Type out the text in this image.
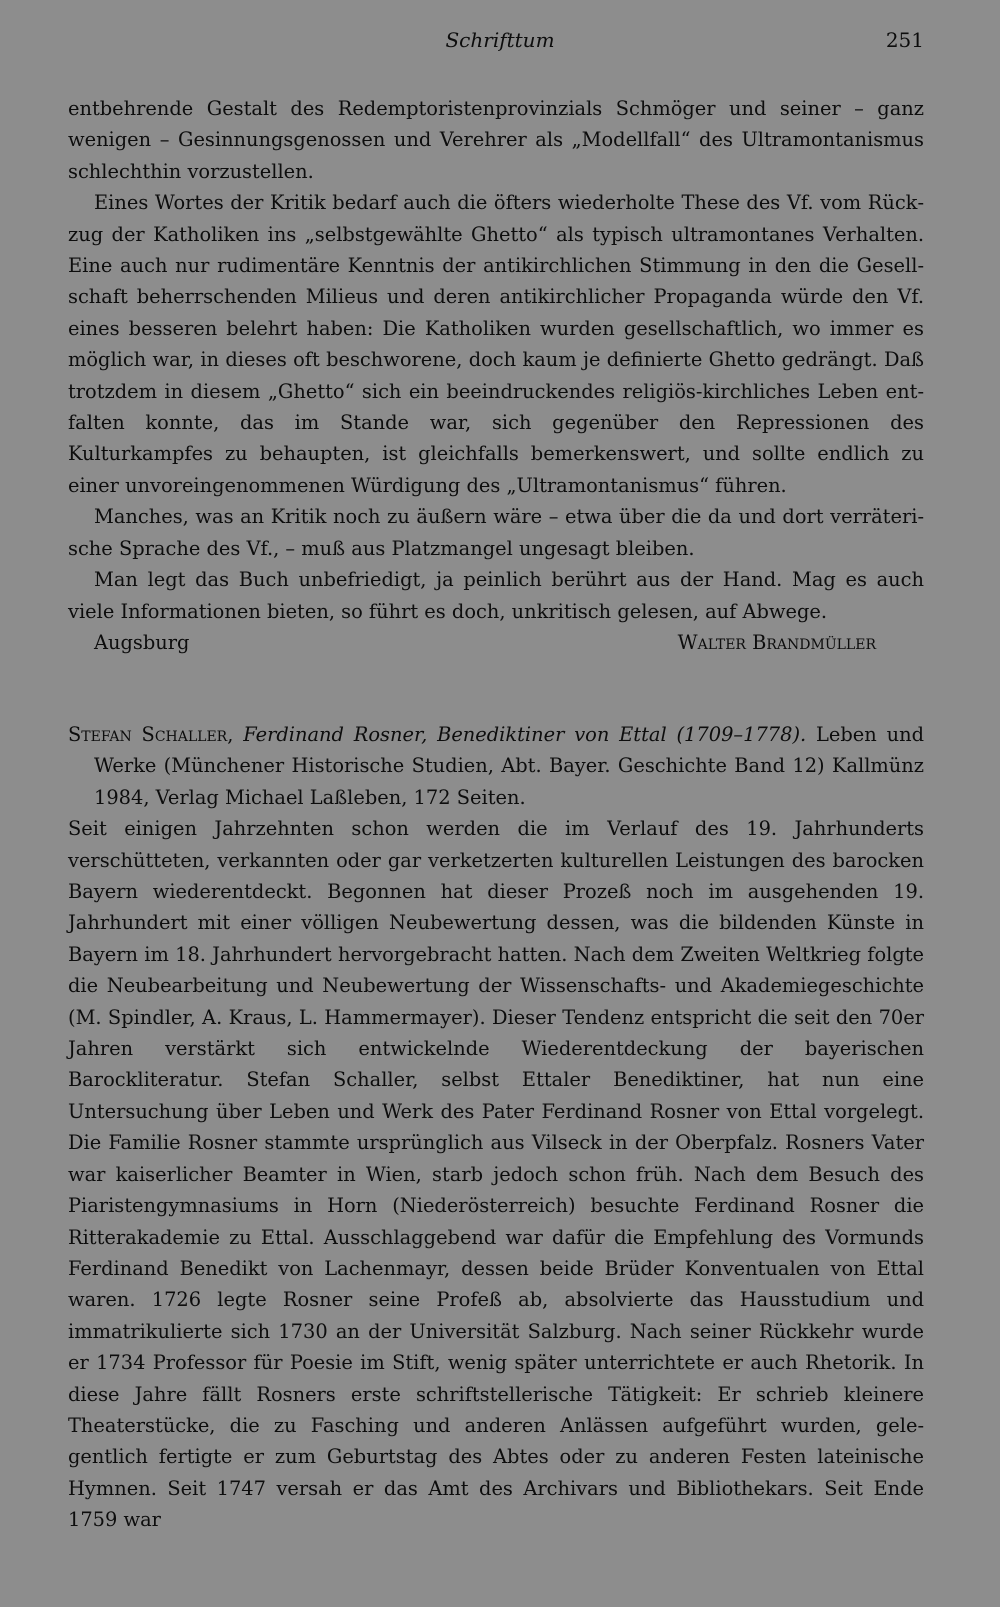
Schrifttum	251

entbehrende Gestalt des Redemptoristenprovinzials Schmöger und seiner – ganz wenigen – Gesinnungsgenossen und Verehrer als „Modellfall“ des Ultramontanismus schlechthin vorzustellen.

Eines Wortes der Kritik bedarf auch die öfters wiederholte These des Vf. vom Rückzug der Katholiken ins „selbstgewählte Ghetto“ als typisch ultramontanes Verhalten. Eine auch nur rudimentäre Kenntnis der antikirchlichen Stimmung in den die Gesellschaft beherrschenden Milieus und deren antikirchlicher Propaganda würde den Vf. eines besseren belehrt haben: Die Katholiken wurden gesellschaftlich, wo immer es möglich war, in dieses oft beschworene, doch kaum je definierte Ghetto gedrängt. Daß trotzdem in diesem „Ghetto“ sich ein beeindruckendes religiös-kirchliches Leben entfalten konnte, das im Stande war, sich gegenüber den Repressionen des Kulturkampfes zu behaupten, ist gleichfalls bemerkenswert, und sollte endlich zu einer unvoreingenommenen Würdigung des „Ultramontanismus“ führen.

Manches, was an Kritik noch zu äußern wäre – etwa über die da und dort verräterische Sprache des Vf., – muß aus Platzmangel ungesagt bleiben.

Man legt das Buch unbefriedigt, ja peinlich berührt aus der Hand. Mag es auch viele Informationen bieten, so führt es doch, unkritisch gelesen, auf Abwege.

Augsburg	Walter Brandmüller

Stefan Schaller, Ferdinand Rosner, Benediktiner von Ettal (1709–1778). Leben und Werke (Münchener Historische Studien, Abt. Bayer. Geschichte Band 12) Kallmünz 1984, Verlag Michael Laßleben, 172 Seiten.

Seit einigen Jahrzehnten schon werden die im Verlauf des 19. Jahrhunderts verschütteten, verkannten oder gar verketzerten kulturellen Leistungen des barocken Bayern wiederentdeckt. Begonnen hat dieser Prozeß noch im ausgehenden 19. Jahrhundert mit einer völligen Neubewertung dessen, was die bildenden Künste in Bayern im 18. Jahrhundert hervorgebracht hatten. Nach dem Zweiten Weltkrieg folgte die Neubearbeitung und Neubewertung der Wissenschafts- und Akademiegeschichte (M. Spindler, A. Kraus, L. Hammermayer). Dieser Tendenz entspricht die seit den 70er Jahren verstärkt sich entwickelnde Wiederentdeckung der bayerischen Barockliteratur. Stefan Schaller, selbst Ettaler Benediktiner, hat nun eine Untersuchung über Leben und Werk des Pater Ferdinand Rosner von Ettal vorgelegt. Die Familie Rosner stammte ursprünglich aus Vilseck in der Oberpfalz. Rosners Vater war kaiserlicher Beamter in Wien, starb jedoch schon früh. Nach dem Besuch des Piaristengymnasiums in Horn (Niederösterreich) besuchte Ferdinand Rosner die Ritterakademie zu Ettal. Ausschlaggebend war dafür die Empfehlung des Vormunds Ferdinand Benedikt von Lachenmayr, dessen beide Brüder Konventualen von Ettal waren. 1726 legte Rosner seine Profeß ab, absolvierte das Hausstudium und immatrikulierte sich 1730 an der Universität Salzburg. Nach seiner Rückkehr wurde er 1734 Professor für Poesie im Stift, wenig später unterrichtete er auch Rhetorik. In diese Jahre fällt Rosners erste schriftstellerische Tätigkeit: Er schrieb kleinere Theaterstücke, die zu Fasching und anderen Anlässen aufgeführt wurden, gelegentlich fertigte er zum Geburtstag des Abtes oder zu anderen Festen lateinische Hymnen. Seit 1747 versah er das Amt des Archivars und Bibliothekars. Seit Ende 1759 war
